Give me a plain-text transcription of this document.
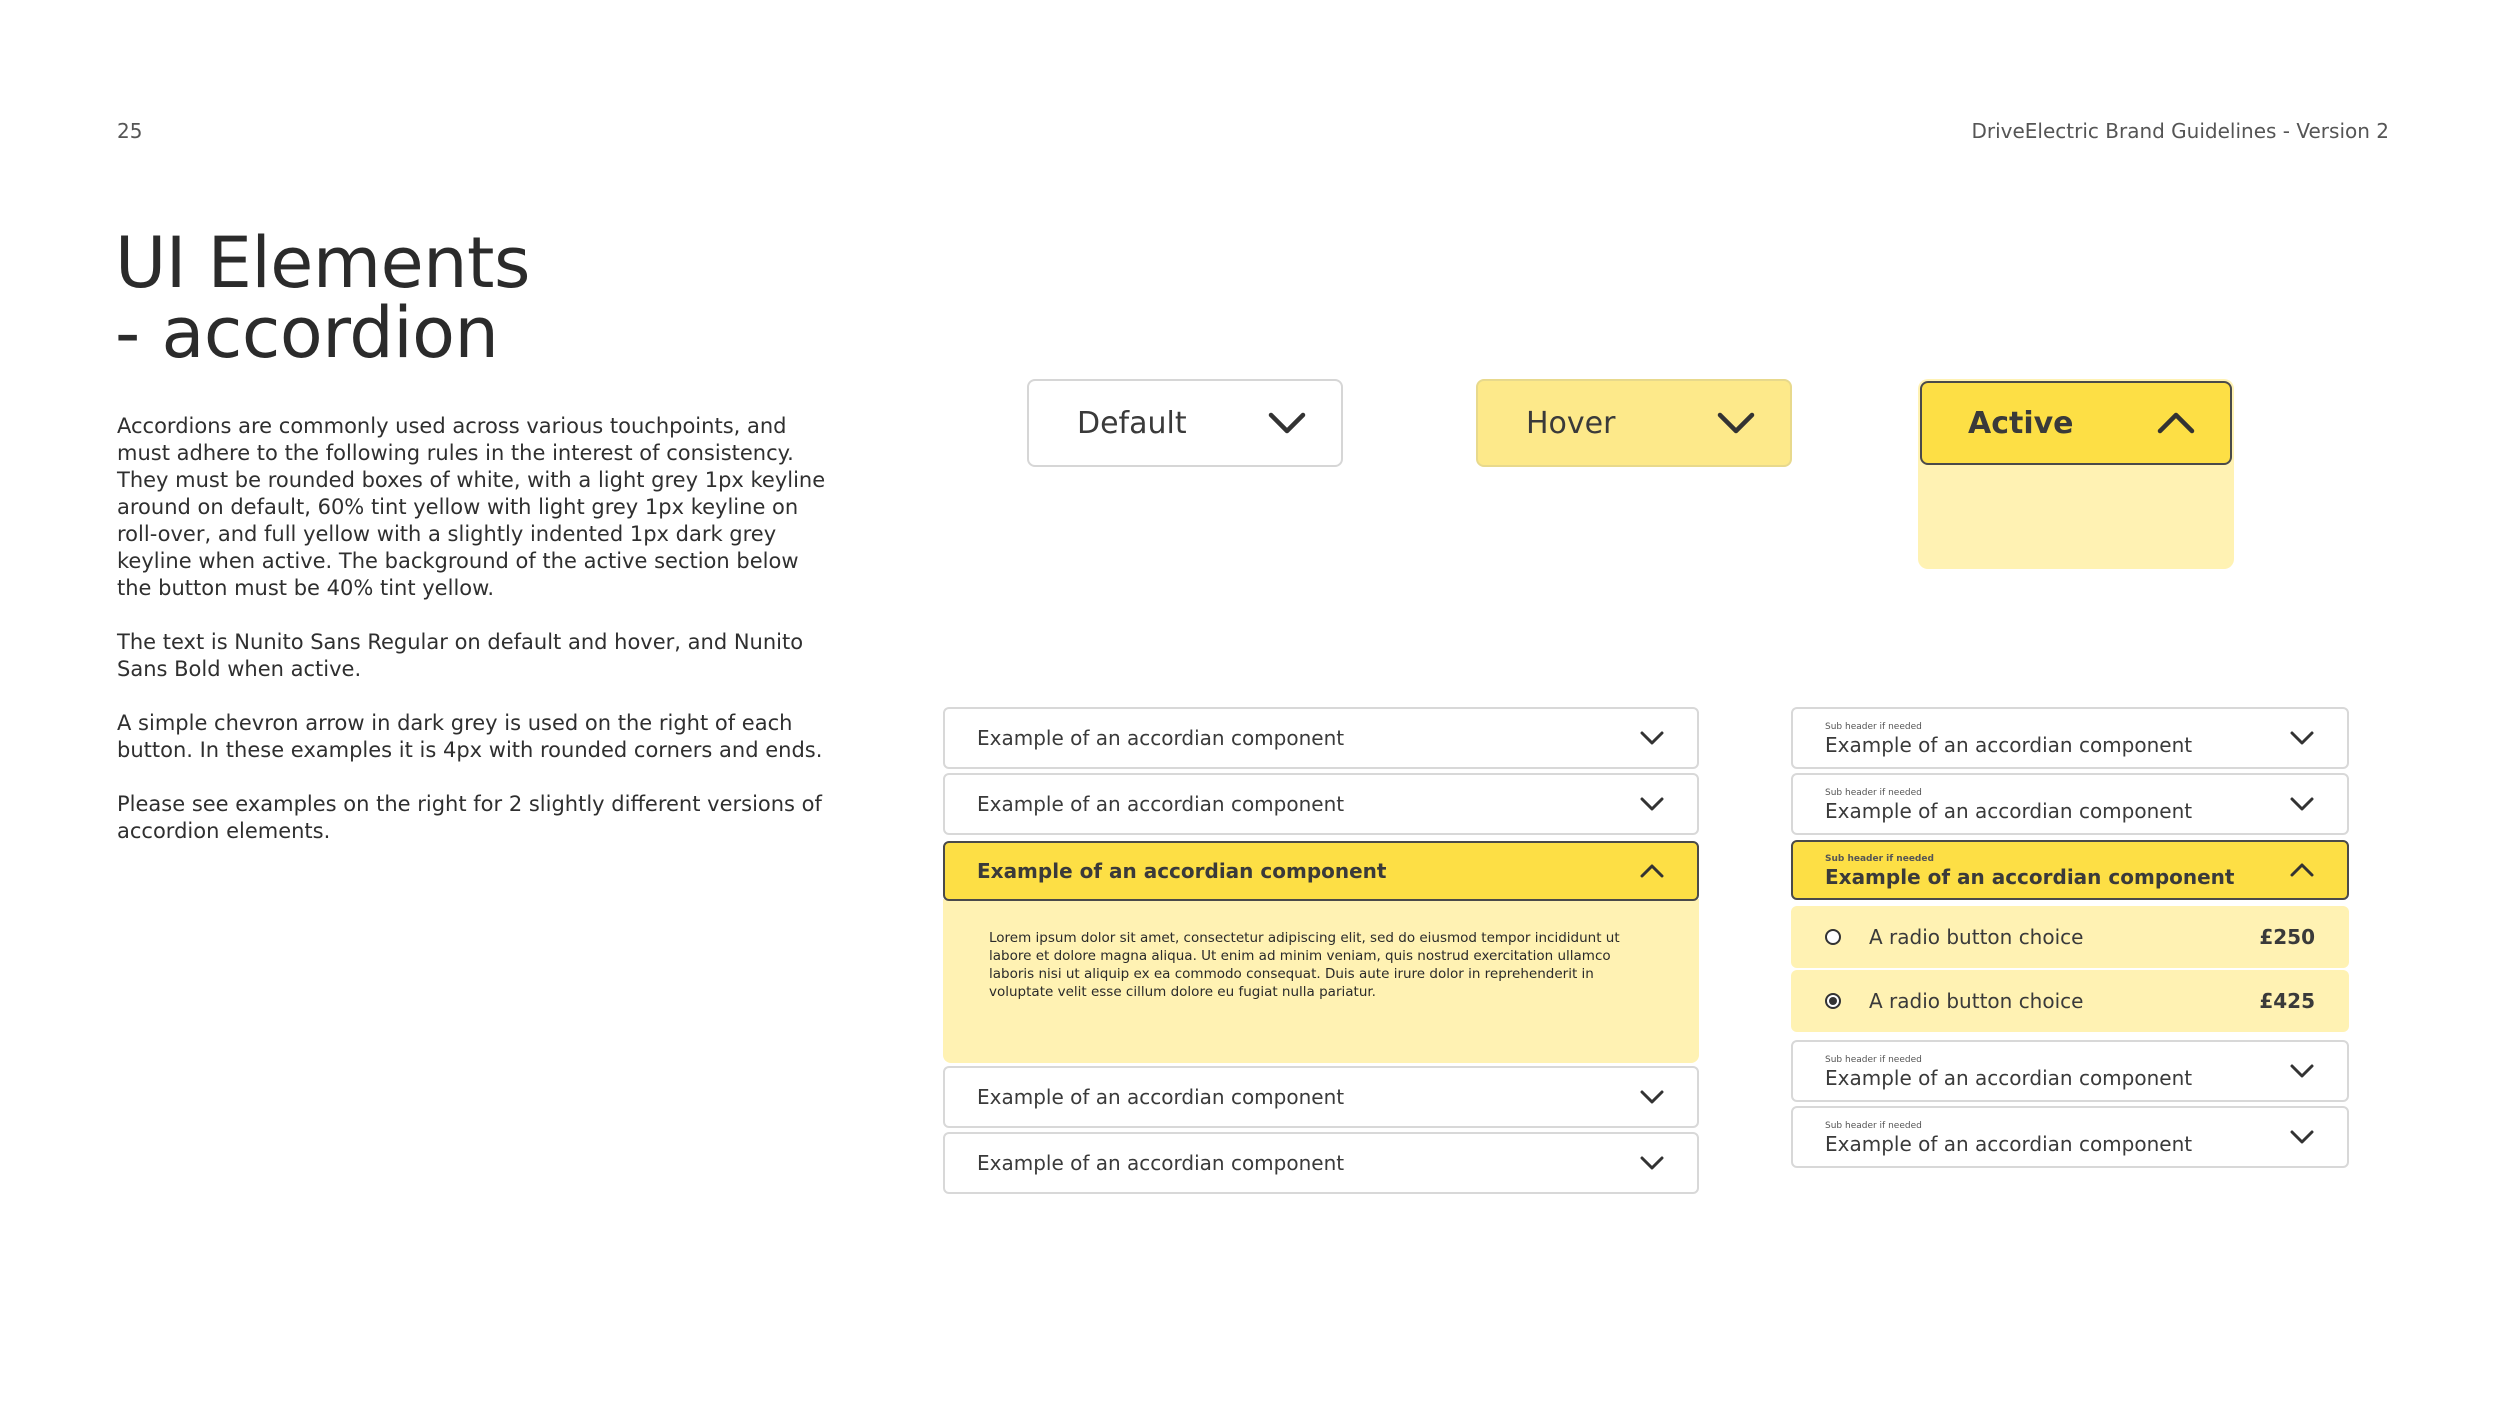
25	DriveElectric Brand Guidelines - Version 2
UI Elements
- accordion

Accordions are commonly used across various touchpoints, and must adhere to the following rules in the interest of consistency. They must be rounded boxes of white, with a light grey 1px keyline around on default, 60% tint yellow with light grey 1px keyline on roll-over, and full yellow with a slightly indented 1px dark grey keyline when active. The background of the active section below the button must be 40% tint yellow.

The text is Nunito Sans Regular on default and hover, and Nunito Sans Bold when active.

A simple chevron arrow in dark grey is used on the right of each button. In these examples it is 4px with rounded corners and ends.

Please see examples on the right for 2 slightly different versions of accordion elements.

Default	Hover	Active
Example of an accordian component
Example of an accordian component
Lorem ipsum dolor sit amet, consectetur adipiscing elit, sed do eiusmod tempor incididunt ut labore et dolore magna aliqua. Ut enim ad minim veniam, quis nostrud exercitation ullamco laboris nisi ut aliquip ex ea commodo consequat. Duis aute irure dolor in reprehenderit in voluptate velit esse cillum dolore eu fugiat nulla pariatur.
Example of an accordian component
Example of an accordian component
Example of an accordian component
Sub header if needed
Example of an accordian component
Sub header if needed
Example of an accordian component
Sub header if needed
Example of an accordian component
A radio button choice	£250
A radio button choice	£425
Sub header if needed
Example of an accordian component
Sub header if needed
Example of an accordian component
